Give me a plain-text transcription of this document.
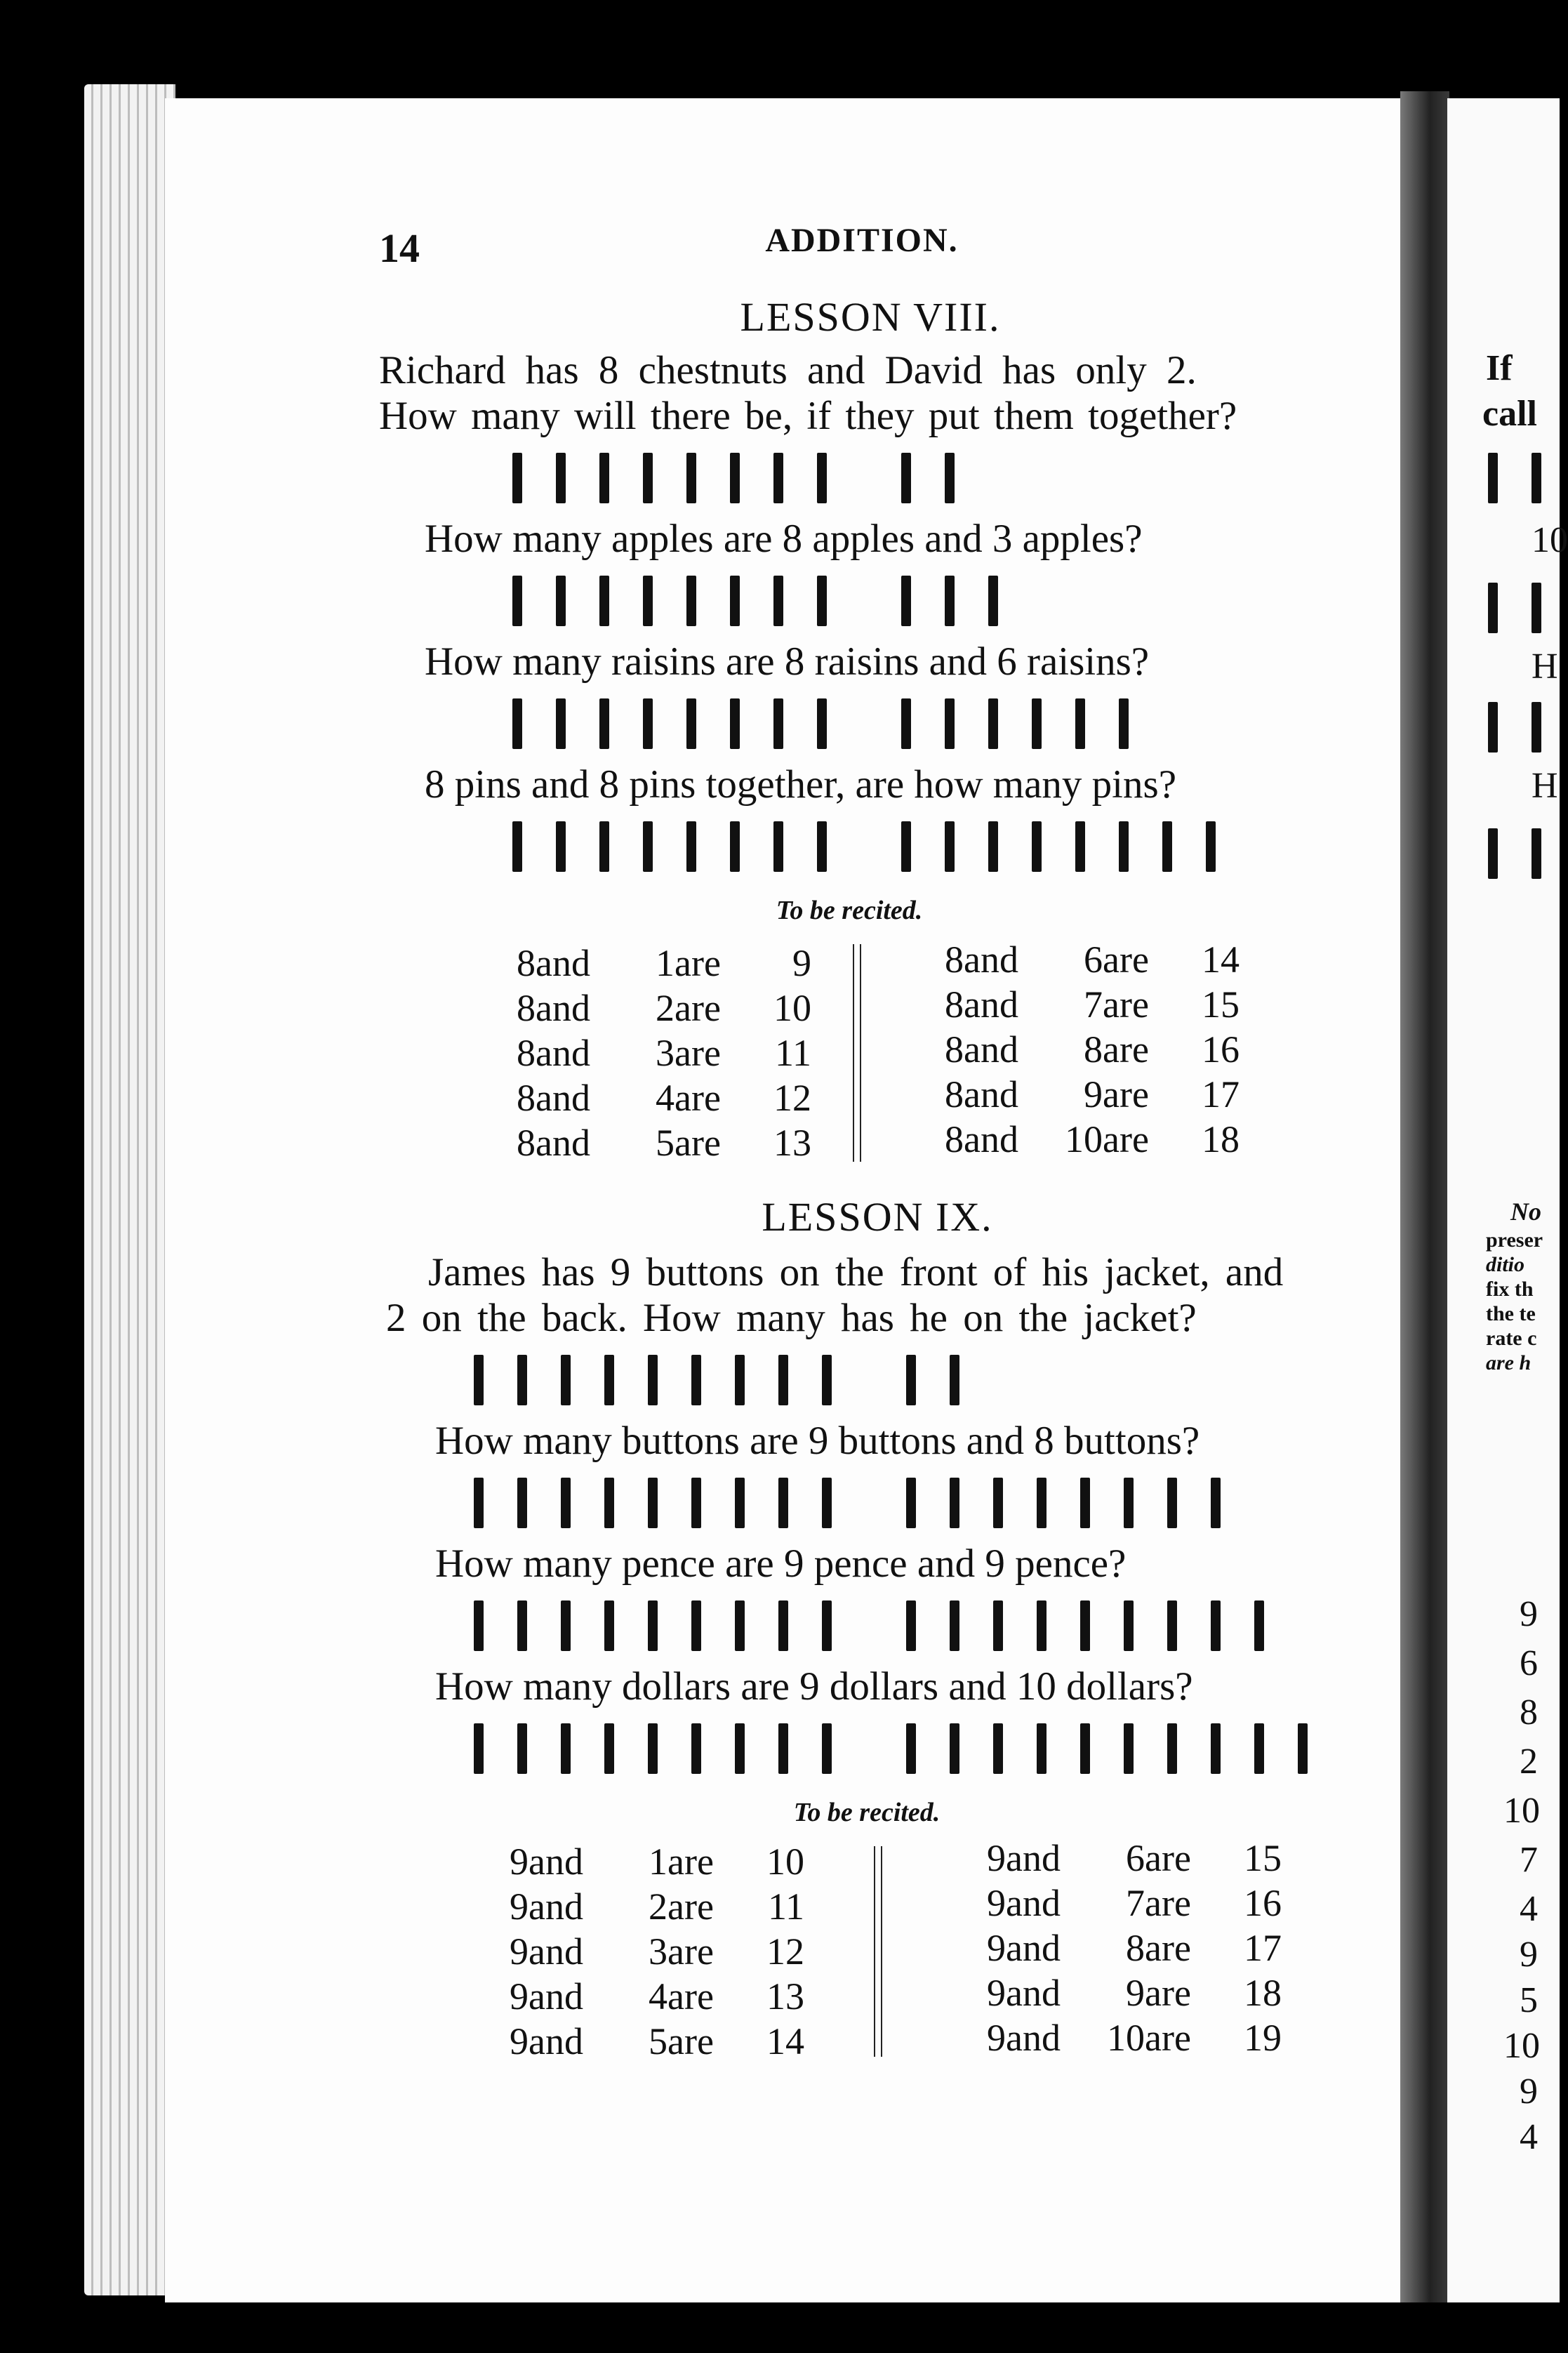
14	ADDITION.
LESSON VIII.
Richard has 8 chestnuts and David has only 2.
How many will there be, if they put them together?
How many apples are 8 apples and 3 apples?
How many raisins are 8 raisins and 6 raisins?
8 pins and 8 pins together, are how many pins?
To be recited.
8	and	1	are	9
8	and	2	are	10
8	and	3	are	11
8	and	4	are	12
8	and	5	are	13
8	and	6	are	14
8	and	7	are	15
8	and	8	are	16
8	and	9	are	17
8	and	10	are	18
LESSON IX.
James has 9 buttons on the front of his jacket, and
2 on the back. How many has he on the jacket?
How many buttons are 9 buttons and 8 buttons?
How many pence are 9 pence and 9 pence?
How many dollars are 9 dollars and 10 dollars?
To be recited.
9	and	1	are	10
9	and	2	are	11
9	and	3	are	12
9	and	4	are	13
9	and	5	are	14
9	and	6	are	15
9	and	7	are	16
9	and	8	are	17
9	and	9	are	18
9	and	10	are	19
If
call
10
H
H
No
preser
ditio
fix th
the te
rate c
are h
9
6
8
2
10
7
4
9
5
10
9
4
